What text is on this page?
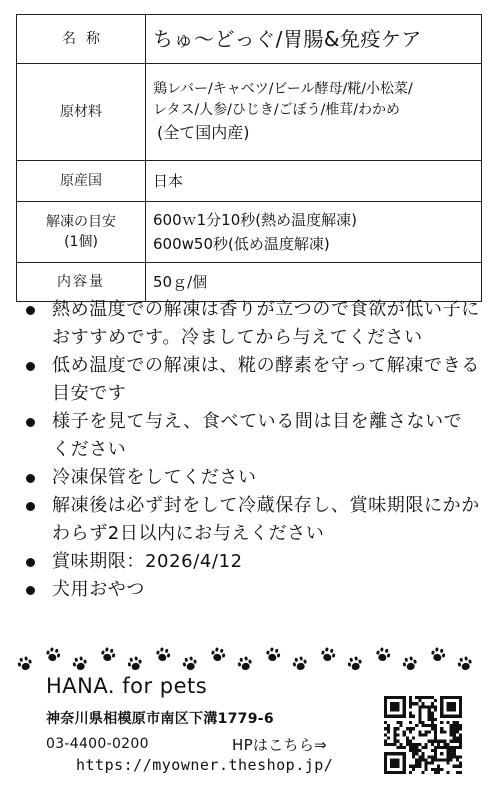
名称	ちゅ〜どっぐ/胃腸&免疫ケア
原材料	鶏レバー/キャベツ/ビール酵母/糀/小松菜/
レタス/人参/ひじき/ごぼう/椎茸/わかめ
(全て国内産)

原産国	日本
解凍の目安
(1個)	600ｗ1分10秒(熱め温度解凍)
600w50秒(低め温度解凍)
内容量	50ｇ/個
熱め温度での解凍は香りが立つので食欲が低い子におすすめです。冷ましてから与えてください
低め温度での解凍は、糀の酵素を守って解凍できる目安です
様子を見て与え、食べている間は目を離さないでください
冷凍保管をしてください
解凍後は必ず封をして冷蔵保存し、賞味期限にかかわらず2日以内にお与えください
賞味期限：2026/4/12
犬用おやつ
HANA. for pets
神奈川県相模原市南区下溝1779-6
03-4400-0200	HPはこちら⇒
https://myowner.theshop.jp/
